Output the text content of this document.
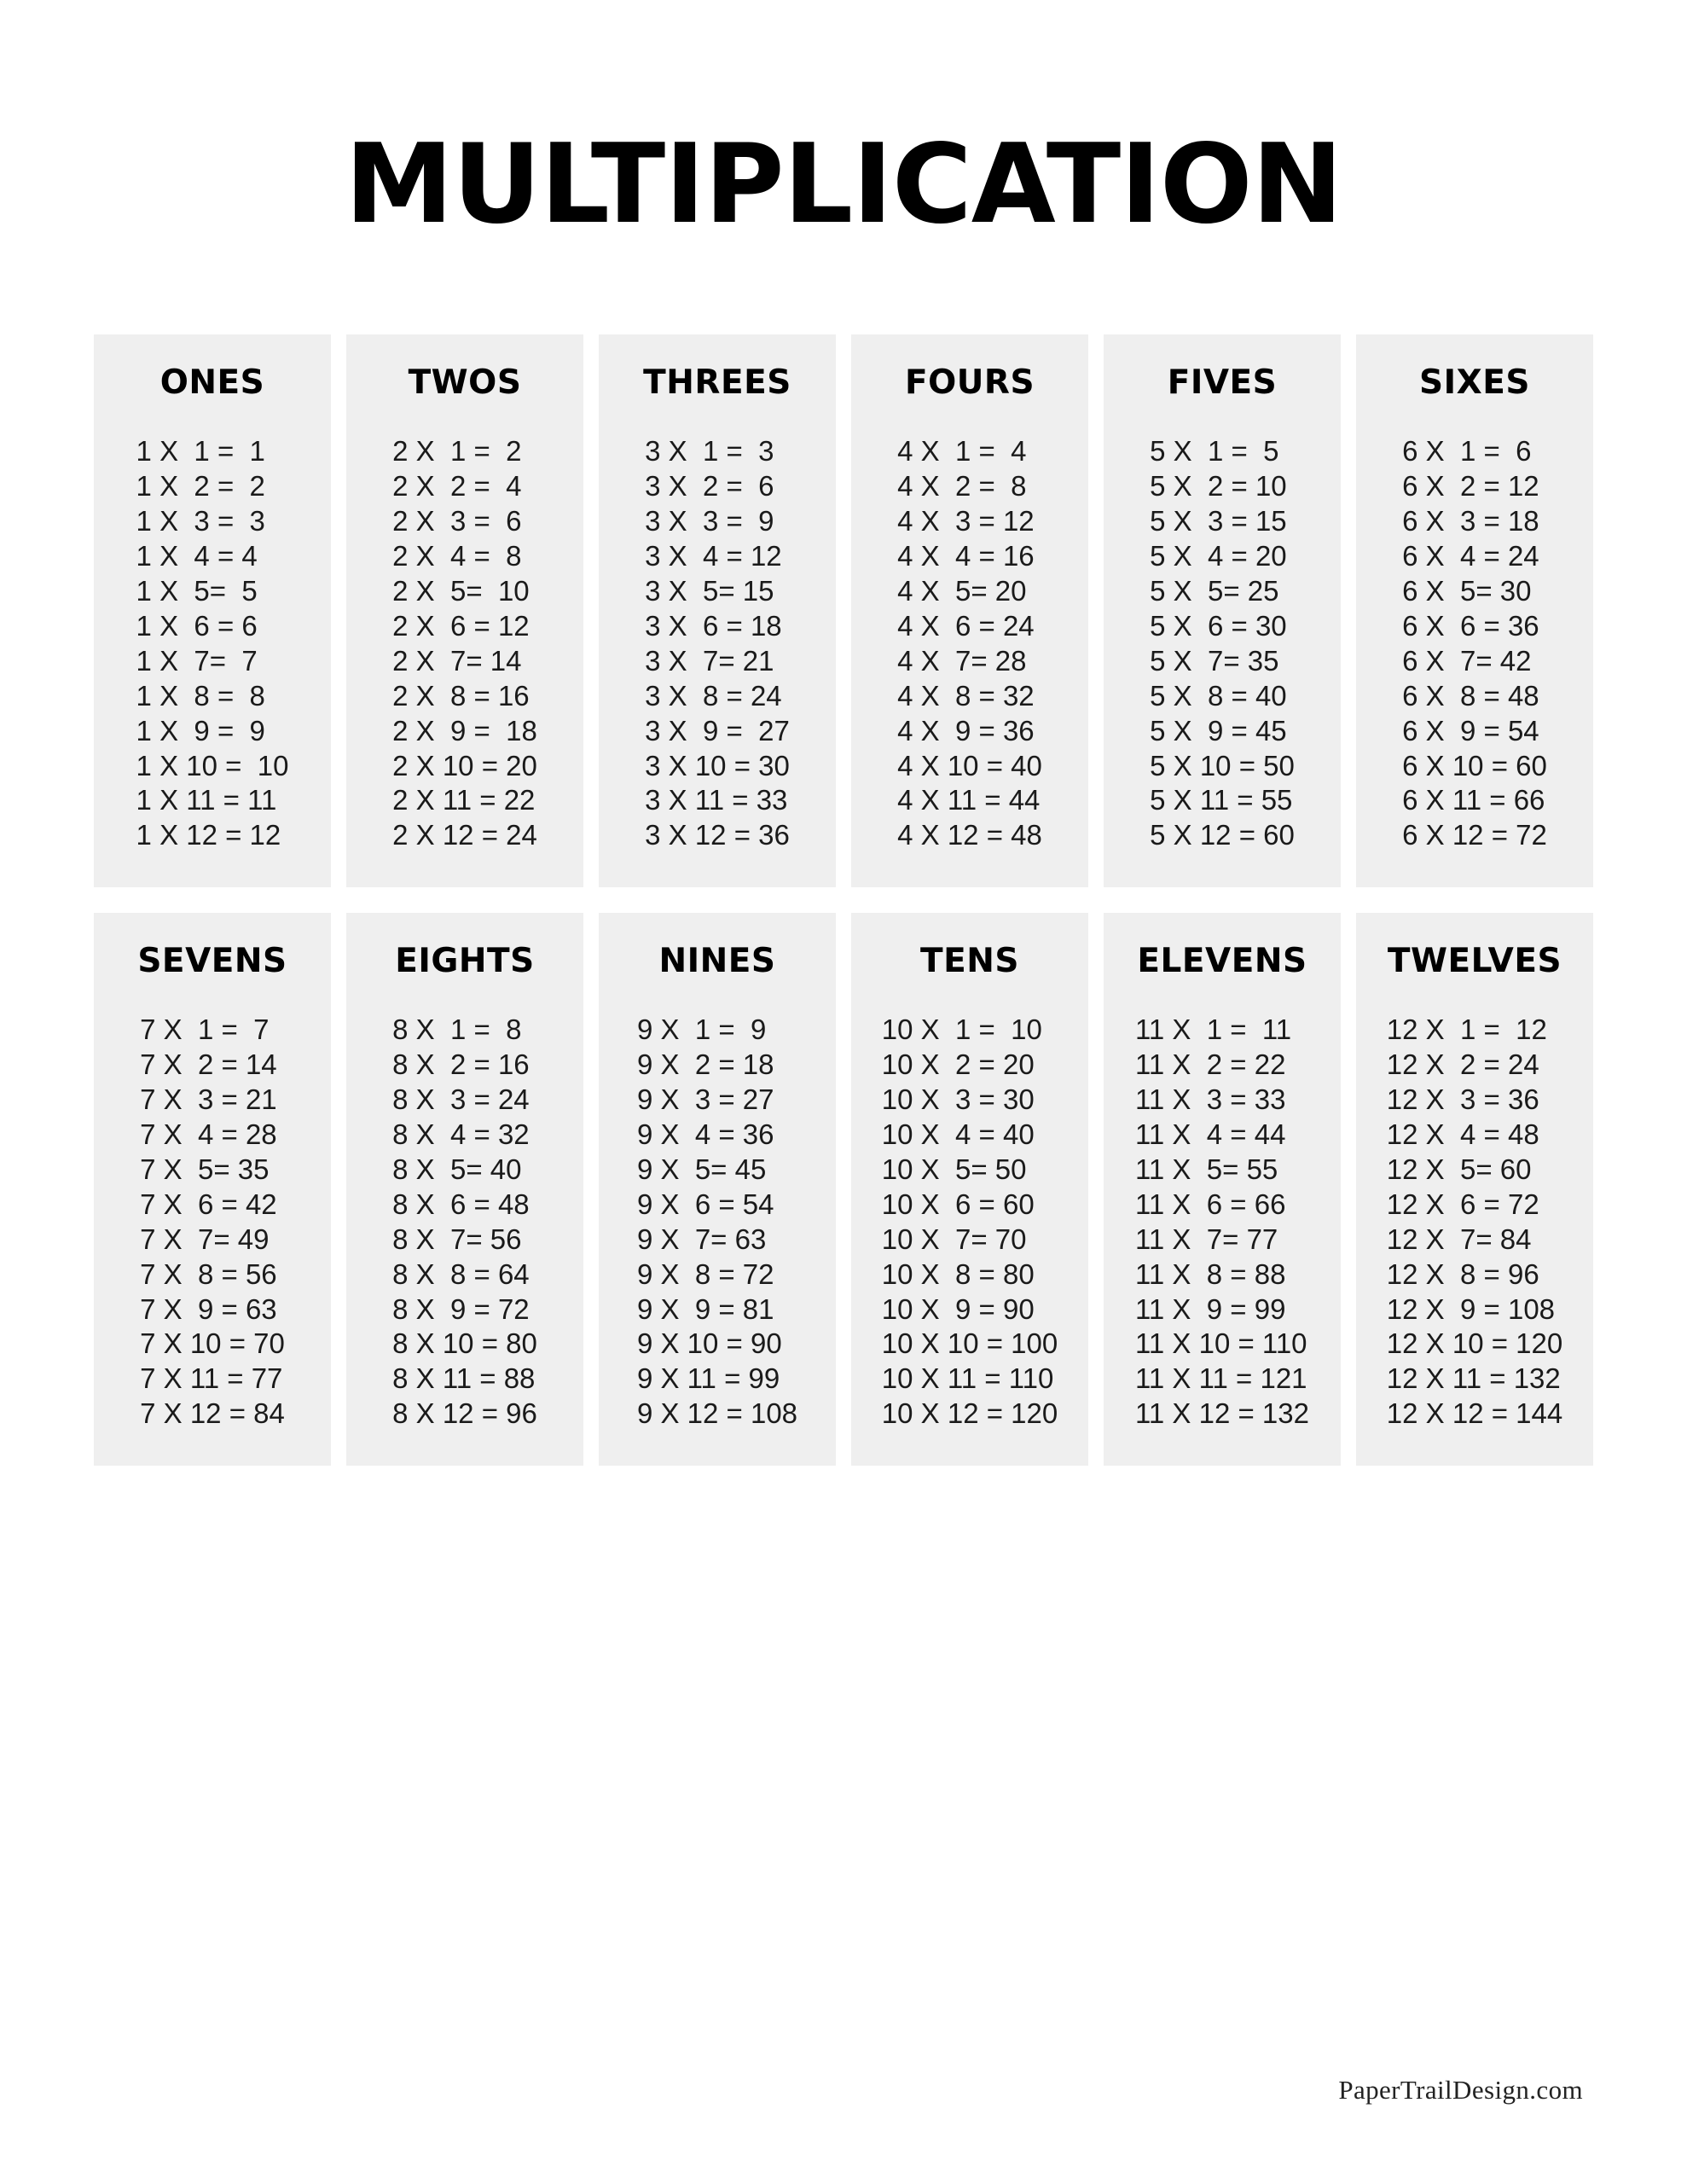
MULTIPLICATION
ONES
1 X  1 =  1
1 X  2 =  2
1 X  3 =  3
1 X  4 = 4
1 X  5=  5
1 X  6 = 6
1 X  7=  7
1 X  8 =  8
1 X  9 =  9
1 X 10 =  10
1 X 11 = 11
1 X 12 = 12
TWOS
2 X  1 =  2
2 X  2 =  4
2 X  3 =  6
2 X  4 =  8
2 X  5=  10
2 X  6 = 12
2 X  7= 14
2 X  8 = 16
2 X  9 =  18
2 X 10 = 20
2 X 11 = 22
2 X 12 = 24
THREES
3 X  1 =  3
3 X  2 =  6
3 X  3 =  9
3 X  4 = 12
3 X  5= 15
3 X  6 = 18
3 X  7= 21
3 X  8 = 24
3 X  9 =  27
3 X 10 = 30
3 X 11 = 33
3 X 12 = 36
FOURS
4 X  1 =  4
4 X  2 =  8
4 X  3 = 12
4 X  4 = 16
4 X  5= 20
4 X  6 = 24
4 X  7= 28
4 X  8 = 32
4 X  9 = 36
4 X 10 = 40
4 X 11 = 44
4 X 12 = 48
FIVES
5 X  1 =  5
5 X  2 = 10
5 X  3 = 15
5 X  4 = 20
5 X  5= 25
5 X  6 = 30
5 X  7= 35
5 X  8 = 40
5 X  9 = 45
5 X 10 = 50
5 X 11 = 55
5 X 12 = 60
SIXES
6 X  1 =  6
6 X  2 = 12
6 X  3 = 18
6 X  4 = 24
6 X  5= 30
6 X  6 = 36
6 X  7= 42
6 X  8 = 48
6 X  9 = 54
6 X 10 = 60
6 X 11 = 66
6 X 12 = 72
SEVENS
7 X  1 =  7
7 X  2 = 14
7 X  3 = 21
7 X  4 = 28
7 X  5= 35
7 X  6 = 42
7 X  7= 49
7 X  8 = 56
7 X  9 = 63
7 X 10 = 70
7 X 11 = 77
7 X 12 = 84
EIGHTS
8 X  1 =  8
8 X  2 = 16
8 X  3 = 24
8 X  4 = 32
8 X  5= 40
8 X  6 = 48
8 X  7= 56
8 X  8 = 64
8 X  9 = 72
8 X 10 = 80
8 X 11 = 88
8 X 12 = 96
NINES
9 X  1 =  9
9 X  2 = 18
9 X  3 = 27
9 X  4 = 36
9 X  5= 45
9 X  6 = 54
9 X  7= 63
9 X  8 = 72
9 X  9 = 81
9 X 10 = 90
9 X 11 = 99
9 X 12 = 108
TENS
10 X  1 =  10
10 X  2 = 20
10 X  3 = 30
10 X  4 = 40
10 X  5= 50
10 X  6 = 60
10 X  7= 70
10 X  8 = 80
10 X  9 = 90
10 X 10 = 100
10 X 11 = 110
10 X 12 = 120
ELEVENS
11 X  1 =  11
11 X  2 = 22
11 X  3 = 33
11 X  4 = 44
11 X  5= 55
11 X  6 = 66
11 X  7= 77
11 X  8 = 88
11 X  9 = 99
11 X 10 = 110
11 X 11 = 121
11 X 12 = 132
TWELVES
12 X  1 =  12
12 X  2 = 24
12 X  3 = 36
12 X  4 = 48
12 X  5= 60
12 X  6 = 72
12 X  7= 84
12 X  8 = 96
12 X  9 = 108
12 X 10 = 120
12 X 11 = 132
12 X 12 = 144
PaperTrailDesign.com
